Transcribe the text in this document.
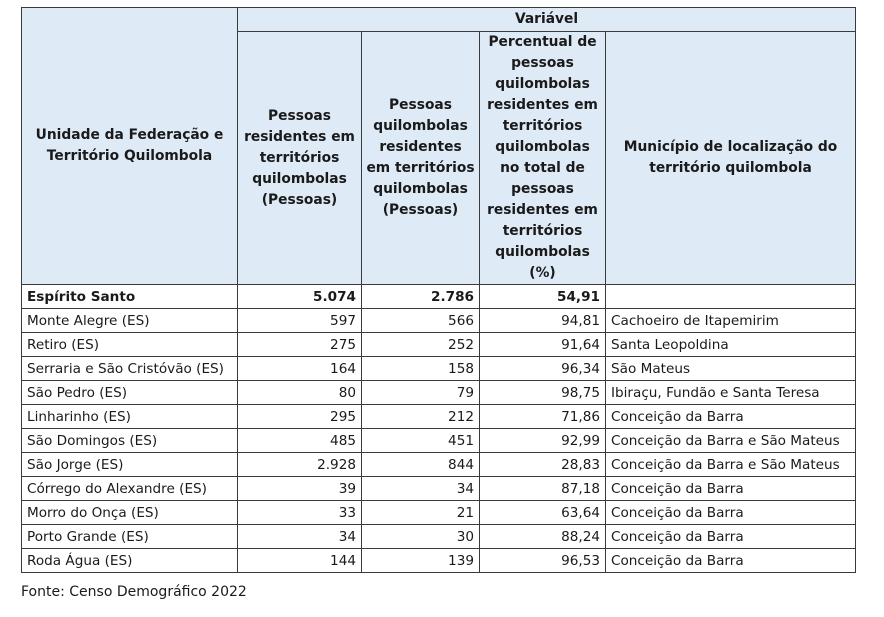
Unidade da Federação e Território Quilombola	Variável			
	Pessoas residentes em territórios quilombolas (Pessoas)	Pessoas quilombolas residentes em territórios quilombolas (Pessoas)	Percentual de pessoas quilombolas residentes em territórios quilombolas no total de pessoas residentes em territórios quilombolas (%)	Município de localização do território quilombola
Espírito Santo	5.074	2.786	54,91	
Monte Alegre (ES)	597	566	94,81	Cachoeiro de Itapemirim
Retiro (ES)	275	252	91,64	Santa Leopoldina
Serraria e São Cristóvão (ES)	164	158	96,34	São Mateus
São Pedro (ES)	80	79	98,75	Ibiraçu, Fundão e Santa Teresa
Linharinho (ES)	295	212	71,86	Conceição da Barra
São Domingos (ES)	485	451	92,99	Conceição da Barra e São Mateus
São Jorge (ES)	2.928	844	28,83	Conceição da Barra e São Mateus
Córrego do Alexandre (ES)	39	34	87,18	Conceição da Barra
Morro do Onça (ES)	33	21	63,64	Conceição da Barra
Porto Grande (ES)	34	30	88,24	Conceição da Barra
Roda Água (ES)	144	139	96,53	Conceição da Barra
Fonte: Censo Demográfico 2022
